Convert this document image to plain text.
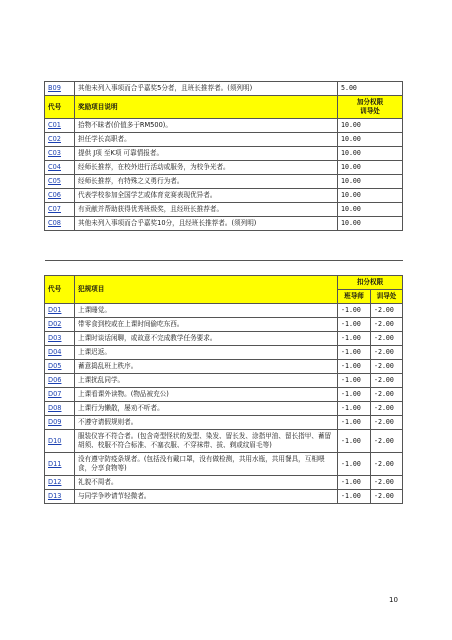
B09	其他未列入事项而合乎嘉奖5分者，且班长推荐者。(须列明)	5.00
代号	奖励项目说明	加分权限
训导处
C01	拾物不昧者(价值多于RM500)。	10.00
C02	担任学长高职者。	10.00
C03	提供 J项 至K项 可靠情报者。	10.00
C04	经师长推荐，在校外进行活动或服务，为校争光者。	10.00
C05	经师长推荐，有特殊之义勇行为者。	10.00
C06	代表学校参加全国学艺或体育竞赛表现优异者。	10.00
C07	有贡献并帮助获得优秀班级奖，且经班长推荐者。	10.00
C08	其他未列入事项而合乎嘉奖10分，且经班长推荐者。(须列明)	10.00

代号	犯规项目	扣分权限	
		班导师	训导处
D01	上课睡觉。	-1.00	-2.00
D02	带零食到校或在上课时间偷吃东西。	-1.00	-2.00
D03	上课时谈话闲聊，或故意不完成教学任务要求。	-1.00	-2.00
D04	上课迟返。	-1.00	-2.00
D05	蓄意捣乱班上秩序。	-1.00	-2.00
D06	上课扰乱同学。	-1.00	-2.00
D07	上课看课外读物。(物品被充公)	-1.00	-2.00
D08	上课行为懒散，屡劝不听者。	-1.00	-2.00
D09	不遵守请假规则者。	-1.00	-2.00
D10	服装仪容不符合者。(包含奇型怪状的发型、染发、留长发、涂指甲油、留长指甲、蓄留胡须、校服不符合标准、不塞衣服、不穿袜带、拔、剃或纹眉毛等)	-1.00	-2.00
D11	没有遵守防疫条规者。(包括没有戴口罩，没有做检测，共用水瓶，共用餐具，互相喂食，分享食物等)	-1.00	-2.00
D12	礼貌不周者。	-1.00	-2.00
D13	与同学争吵请节轻微者。	-1.00	-2.00
10
